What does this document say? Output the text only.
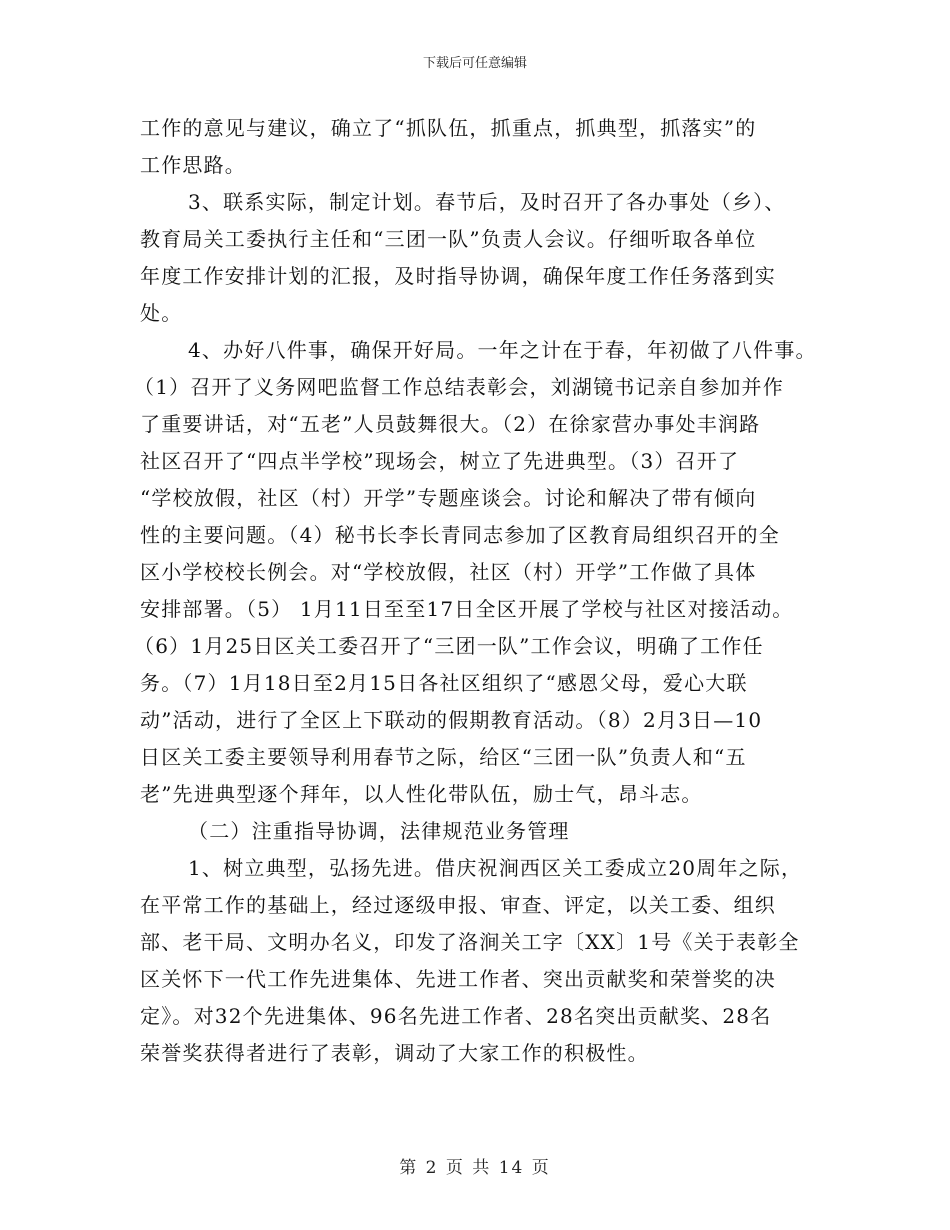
下载后可任意编辑
工作的意见与建议，确立了“抓队伍，抓重点，抓典型，抓落实”的
工作思路。
3、联系实际，制定计划。春节后，及时召开了各办事处（乡）、
教育局关工委执行主任和“三团一队”负责人会议。仔细听取各单位
年度工作安排计划的汇报，及时指导协调，确保年度工作任务落到实
处。
4、办好八件事，确保开好局。一年之计在于春，年初做了八件事。
（1）召开了义务网吧监督工作总结表彰会，刘湖镜书记亲自参加并作
了重要讲话，对“五老”人员鼓舞很大。（2）在徐家营办事处丰润路
社区召开了“四点半学校”现场会，树立了先进典型。（3）召开了
“学校放假，社区（村）开学”专题座谈会。讨论和解决了带有倾向
性的主要问题。（4）秘书长李长青同志参加了区教育局组织召开的全
区小学校校长例会。对“学校放假，社区（村）开学”工作做了具体
安排部署。（5） 1月11日至至17日全区开展了学校与社区对接活动。
（6）1月25日区关工委召开了“三团一队”工作会议，明确了工作任
务。（7）1月18日至2月15日各社区组织了“感恩父母，爱心大联
动”活动，进行了全区上下联动的假期教育活动。（8）2月3日—10
日区关工委主要领导利用春节之际，给区“三团一队”负责人和“五
老”先进典型逐个拜年，以人性化带队伍，励士气，昂斗志。
（二）注重指导协调，法律规范业务管理
1、树立典型，弘扬先进。借庆祝涧西区关工委成立20周年之际，
在平常工作的基础上，经过逐级申报、审查、评定，以关工委、组织
部、老干局、文明办名义，印发了洛涧关工字〔XX〕1号《关于表彰全
区关怀下一代工作先进集体、先进工作者、突出贡献奖和荣誉奖的决
定》。对32个先进集体、96名先进工作者、28名突出贡献奖、28名
荣誉奖获得者进行了表彰，调动了大家工作的积极性。
第 2 页 共 14 页
